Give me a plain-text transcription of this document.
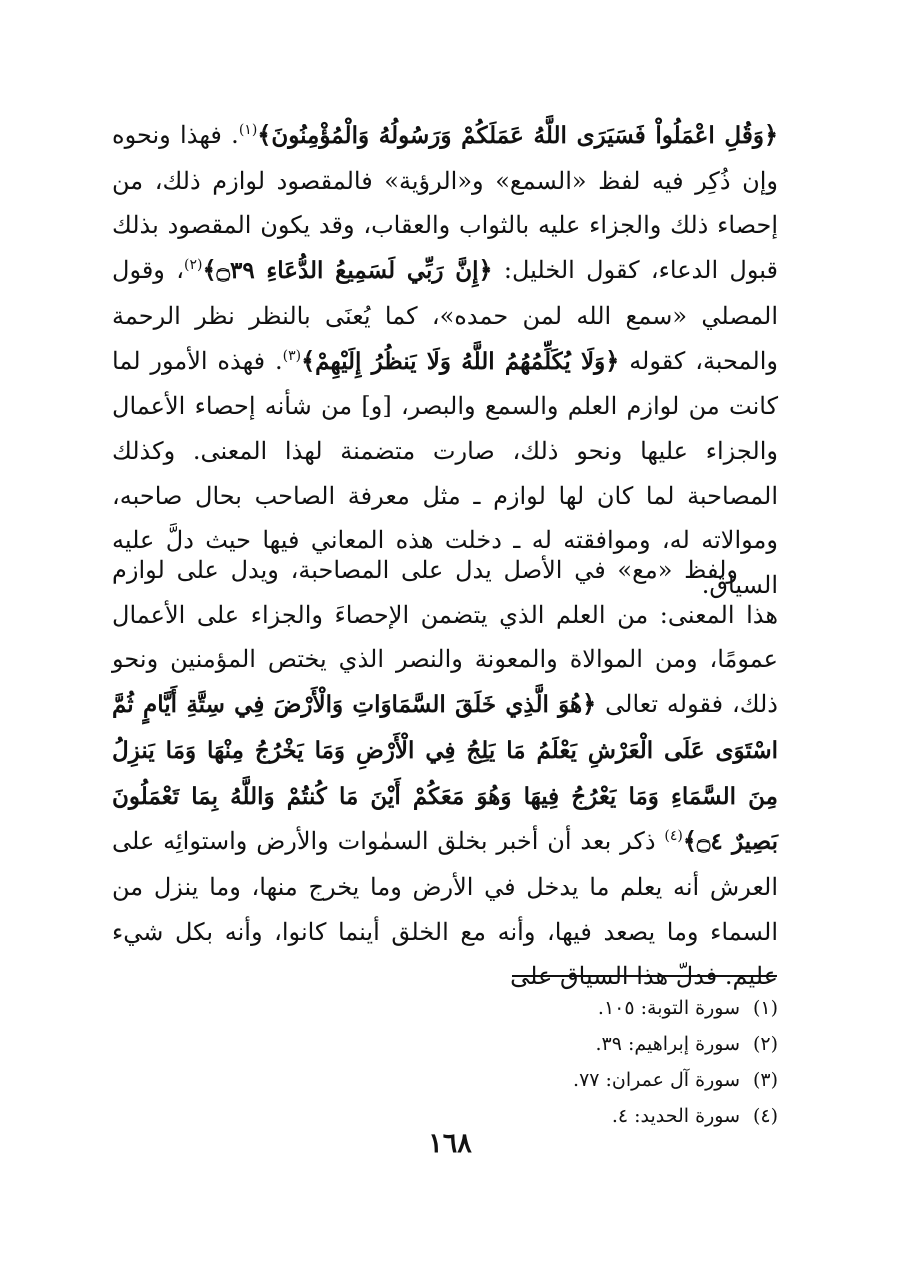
﴿وَقُلِ اعْمَلُواْ فَسَيَرَى اللَّهُ عَمَلَكُمْ وَرَسُولُهُ وَالْمُؤْمِنُونَ﴾$^{(١)}$. فهذا ونحوه وإن ذُكِر فيه لفظ «السمع» و«الرؤية» فالمقصود لوازم ذلك، من إحصاء ذلك والجزاء عليه بالثواب والعقاب، وقد يكون المقصود بذلك قبول الدعاء، كقول الخليل: ﴿إِنَّ رَبِّي لَسَمِيعُ الدُّعَاءِ ۝٣٩﴾$^{(٢)}$، وقول المصلي «سمع الله لمن حمده»، كما يُعنَى بالنظر نظر الرحمة والمحبة، كقوله ﴿وَلَا يُكَلِّمُهُمُ اللَّهُ وَلَا يَنظُرُ إِلَيْهِمْ﴾$^{(٣)}$. فهذه الأمور لما كانت من لوازم العلم والسمع والبصر، [و] من شأنه إحصاء الأعمال والجزاء عليها ونحو ذلك، صارت متضمنة لهذا المعنى. وكذلك المصاحبة لما كان لها لوازم ـ مثل معرفة الصاحب بحال صاحبه، وموالاته له، وموافقته له ـ دخلت هذه المعاني فيها حيث دلَّ عليه السياق.

ولفظ «مع» في الأصل يدل على المصاحبة، ويدل على لوازم هذا المعنى: من العلم الذي يتضمن الإحصاءَ والجزاء على الأعمال عمومًا، ومن الموالاة والمعونة والنصر الذي يختص المؤمنين ونحو ذلك، فقوله تعالى ﴿هُوَ الَّذِي خَلَقَ السَّمَاوَاتِ وَالْأَرْضَ فِي سِتَّةِ أَيَّامٍ ثُمَّ اسْتَوَى عَلَى الْعَرْشِ يَعْلَمُ مَا يَلِجُ فِي الْأَرْضِ وَمَا يَخْرُجُ مِنْهَا وَمَا يَنزِلُ مِنَ السَّمَاءِ وَمَا يَعْرُجُ فِيهَا وَهُوَ مَعَكُمْ أَيْنَ مَا كُنتُمْ وَاللَّهُ بِمَا تَعْمَلُونَ بَصِيرٌ ۝٤﴾$^{(٤)}$ ذكر بعد أن أخبر بخلق السمٰوات والأرض واستوائِه على العرش أنه يعلم ما يدخل في الأرض وما يخرج منها، وما ينزل من السماء وما يصعد فيها، وأنه مع الخلق أينما كانوا، وأنه بكل شيء عليم. فدلّ هذا السياق على

(١)سورة التوبة: ١٠٥.
(٢)سورة إبراهيم: ٣٩.
(٣)سورة آل عمران: ٧٧.
(٤)سورة الحديد: ٤.
١٦٨
